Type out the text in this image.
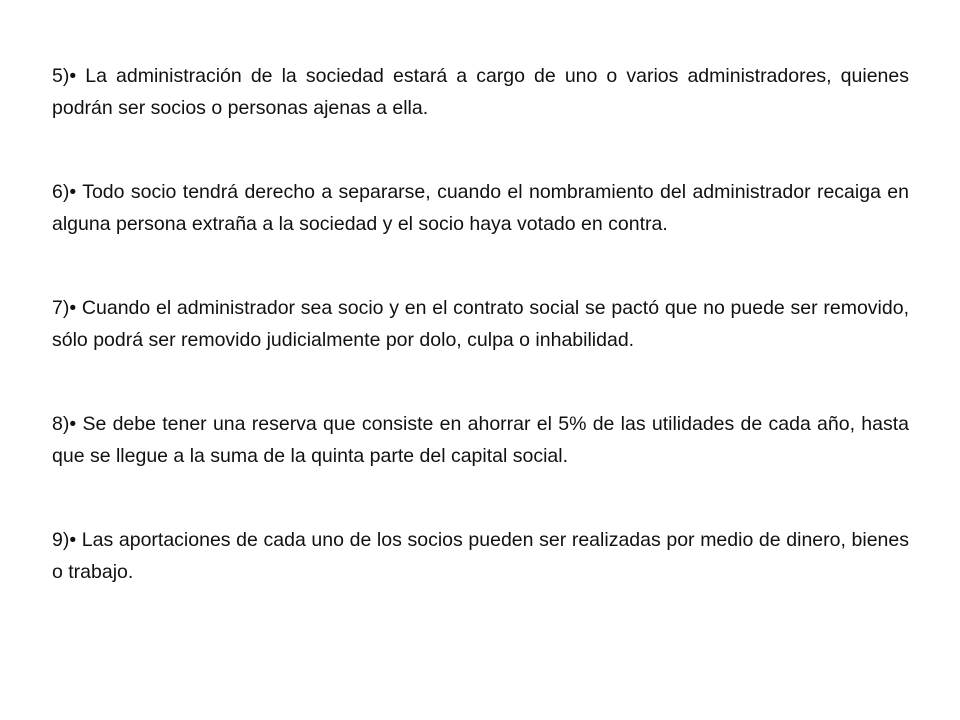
5)• La administración de la sociedad estará a cargo de uno o varios administradores, quienes podrán ser socios o personas ajenas a ella.

6)• Todo socio tendrá derecho a separarse, cuando el nombramiento del administrador recaiga en alguna persona extraña a la sociedad y el socio haya votado en contra.

7)• Cuando el administrador sea socio y en el contrato social se pactó que no puede ser removido, sólo podrá ser removido judicialmente por dolo, culpa o inhabilidad.

8)• Se debe tener una reserva que consiste en ahorrar el 5% de las utilidades de cada año, hasta que se llegue a la suma de la quinta parte del capital social.

9)• Las aportaciones de cada uno de los socios pueden ser realizadas por medio de dinero, bienes o trabajo.
